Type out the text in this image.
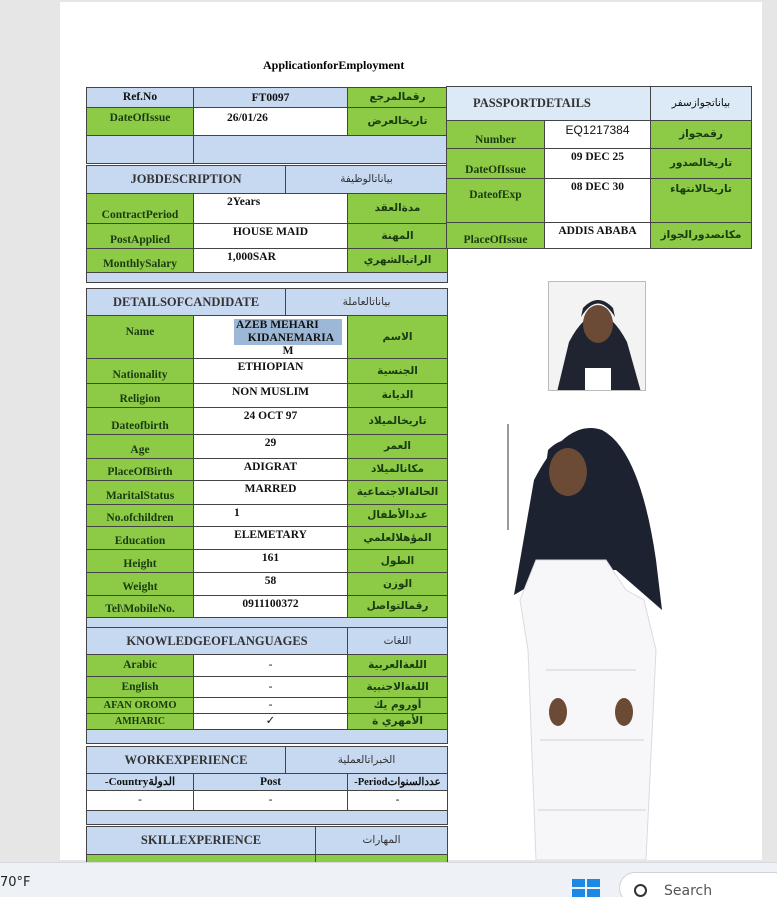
ApplicationforEmployment
Ref.No	FT0097	رقمالمرجع
DateOfIssue	26/01/26	تاريخالعرض

JOBDESCRIPTION		بياناتالوظيفة	
ContractPeriod	2Years		مدةالعقد
PostApplied	HOUSE MAID		المهنة
MonthlySalary	1,000SAR		الراتبالشهري

PASSPORTDETAILS		بياناتجوازسفر
Number	EQ1217384	رقمجواز
DateOfIssue	09 DEC 25	تاريخالصدور
DateofExp	08 DEC 30	تاريخالانتهاء
PlaceOfIssue	ADDIS ABABA	مكانصدورالجواز
DETAILSOFCANDIDATE		بياناتالعاملة	
Name	AZEB MEHARI
KIDANEMARIA
M		الاسم
Nationality	ETHIOPIAN		الجنسية
Religion	NON MUSLIM		الديانة
Dateofbirth	24 OCT 97		تاريخالميلاد
Age	29		العمر
PlaceOfBirth	ADIGRAT		مكانالميلاد
MaritalStatus	MARRED		الحالةالاجتماعية
No.ofchildren	1		عددالأطفال
Education	ELEMETARY		المؤهلالعلمي
Height	161		الطول
Weight	58		الوزن
Tel\MobileNo.	0911100372		رقمالتواصل

KNOWLEDGEOFLANGUAGES		اللغات
Arabic	-	اللغةالعربية
English	-	اللغةالاجنبية
AFAN OROMO	-	أوروم يك
AMHARIC	✓	الأمهري ة

WORKEXPERIENCE		الخبراتالعملية	
-Countryالدولة	Post		-Periodعددالسنوات
-	-		-

SKILLEXPERIENCE	المهارات

70°F
Search
